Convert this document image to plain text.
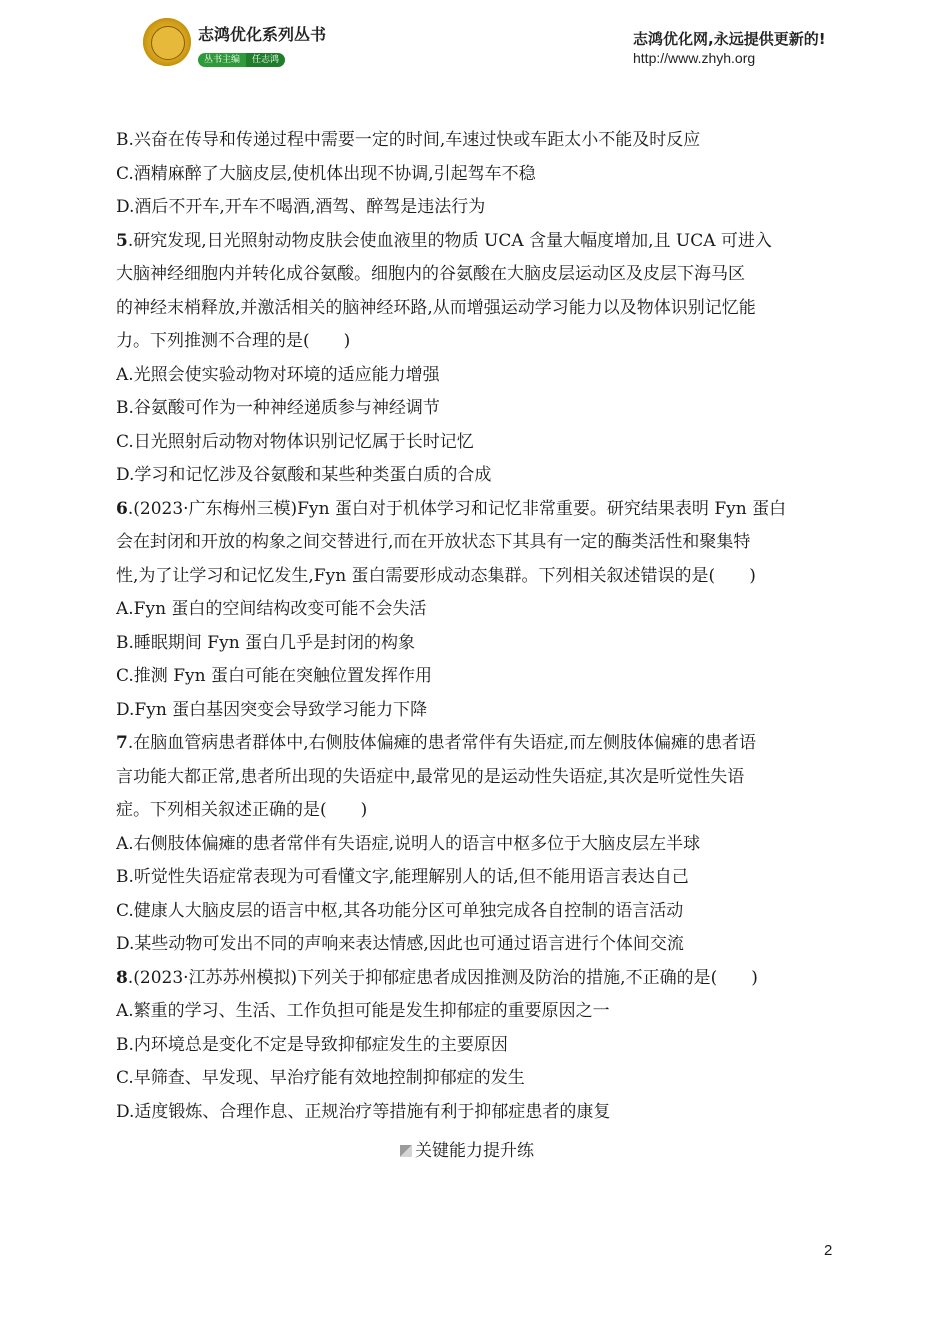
志鸿优化系列丛书
丛书主编 任志鸿
志鸿优化网,永远提供更新的!
http://www.zhyh.org
B.兴奋在传导和传递过程中需要一定的时间,车速过快或车距太小不能及时反应
C.酒精麻醉了大脑皮层,使机体出现不协调,引起驾车不稳
D.酒后不开车,开车不喝酒,酒驾、醉驾是违法行为
5.研究发现,日光照射动物皮肤会使血液里的物质 UCA 含量大幅度增加,且 UCA 可进入
大脑神经细胞内并转化成谷氨酸。细胞内的谷氨酸在大脑皮层运动区及皮层下海马区
的神经末梢释放,并激活相关的脑神经环路,从而增强运动学习能力以及物体识别记忆能
力。下列推测不合理的是(　　)
A.光照会使实验动物对环境的适应能力增强
B.谷氨酸可作为一种神经递质参与神经调节
C.日光照射后动物对物体识别记忆属于长时记忆
D.学习和记忆涉及谷氨酸和某些种类蛋白质的合成
6.(2023·广东梅州三模)Fyn 蛋白对于机体学习和记忆非常重要。研究结果表明 Fyn 蛋白
会在封闭和开放的构象之间交替进行,而在开放状态下其具有一定的酶类活性和聚集特
性,为了让学习和记忆发生,Fyn 蛋白需要形成动态集群。下列相关叙述错误的是(　　)
A.Fyn 蛋白的空间结构改变可能不会失活
B.睡眠期间 Fyn 蛋白几乎是封闭的构象
C.推测 Fyn 蛋白可能在突触位置发挥作用
D.Fyn 蛋白基因突变会导致学习能力下降
7.在脑血管病患者群体中,右侧肢体偏瘫的患者常伴有失语症,而左侧肢体偏瘫的患者语
言功能大都正常,患者所出现的失语症中,最常见的是运动性失语症,其次是听觉性失语
症。下列相关叙述正确的是(　　)
A.右侧肢体偏瘫的患者常伴有失语症,说明人的语言中枢多位于大脑皮层左半球
B.听觉性失语症常表现为可看懂文字,能理解别人的话,但不能用语言表达自己
C.健康人大脑皮层的语言中枢,其各功能分区可单独完成各自控制的语言活动
D.某些动物可发出不同的声响来表达情感,因此也可通过语言进行个体间交流
8.(2023·江苏苏州模拟)下列关于抑郁症患者成因推测及防治的措施,不正确的是(　　)
A.繁重的学习、生活、工作负担可能是发生抑郁症的重要原因之一
B.内环境总是变化不定是导致抑郁症发生的主要原因
C.早筛查、早发现、早治疗能有效地控制抑郁症的发生
D.适度锻炼、合理作息、正规治疗等措施有利于抑郁症患者的康复
关键能力提升练
2
